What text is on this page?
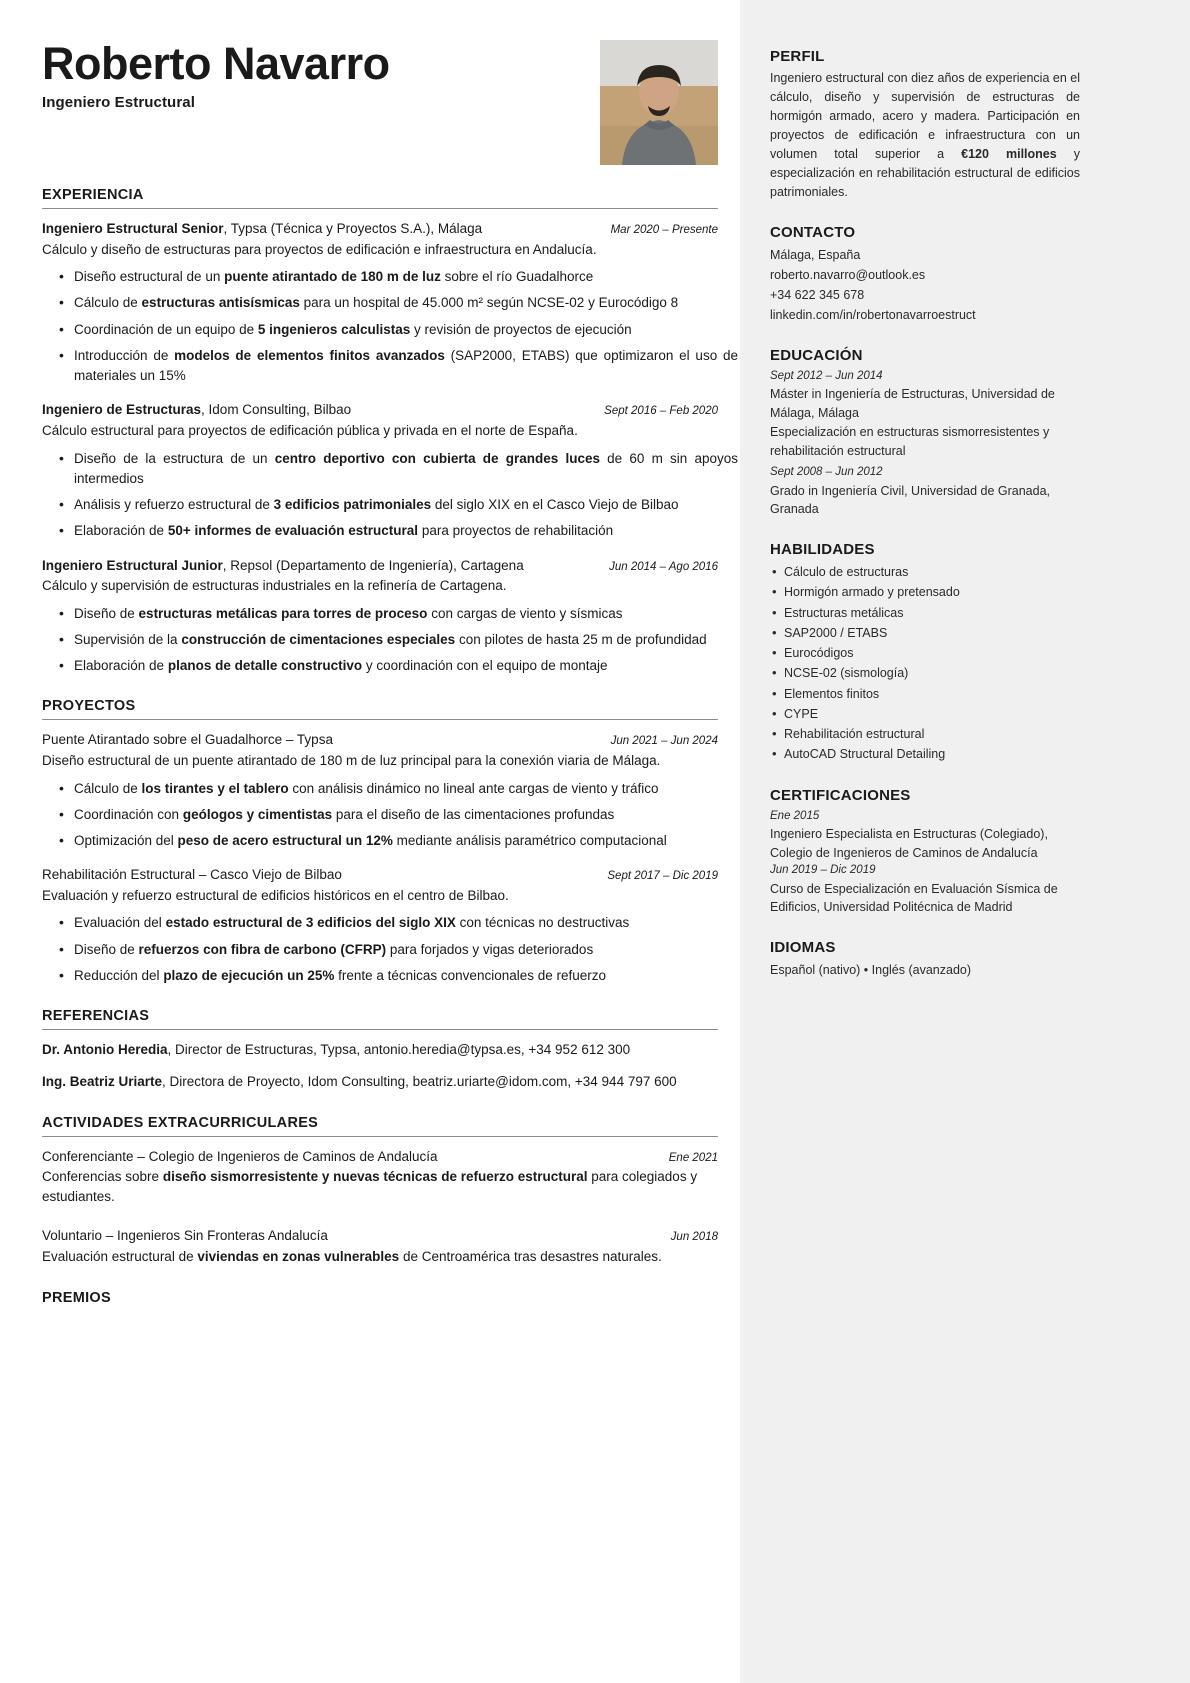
Roberto Navarro
Ingeniero Estructural
EXPERIENCIA
Ingeniero Estructural Senior, Typsa (Técnica y Proyectos S.A.), Málaga	Mar 2020 – Presente
Cálculo y diseño de estructuras para proyectos de edificación e infraestructura en Andalucía.
• Diseño estructural de un puente atirantado de 180 m de luz sobre el río Guadalhorce
• Cálculo de estructuras antisísmicas para un hospital de 45.000 m² según NCSE-02 y Eurocódigo 8
• Coordinación de un equipo de 5 ingenieros calculistas y revisión de proyectos de ejecución
• Introducción de modelos de elementos finitos avanzados (SAP2000, ETABS) que optimizaron el uso de materiales un 15%
Ingeniero de Estructuras, Idom Consulting, Bilbao	Sept 2016 – Feb 2020
Cálculo estructural para proyectos de edificación pública y privada en el norte de España.
• Diseño de la estructura de un centro deportivo con cubierta de grandes luces de 60 m sin apoyos intermedios
• Análisis y refuerzo estructural de 3 edificios patrimoniales del siglo XIX en el Casco Viejo de Bilbao
• Elaboración de 50+ informes de evaluación estructural para proyectos de rehabilitación
Ingeniero Estructural Junior, Repsol (Departamento de Ingeniería), Cartagena	Jun 2014 – Ago 2016
Cálculo y supervisión de estructuras industriales en la refinería de Cartagena.
• Diseño de estructuras metálicas para torres de proceso con cargas de viento y sísmicas
• Supervisión de la construcción de cimentaciones especiales con pilotes de hasta 25 m de profundidad
• Elaboración de planos de detalle constructivo y coordinación con el equipo de montaje
PROYECTOS
Puente Atirantado sobre el Guadalhorce – Typsa	Jun 2021 – Jun 2024
Diseño estructural de un puente atirantado de 180 m de luz principal para la conexión viaria de Málaga.
• Cálculo de los tirantes y el tablero con análisis dinámico no lineal ante cargas de viento y tráfico
• Coordinación con geólogos y cimentistas para el diseño de las cimentaciones profundas
• Optimización del peso de acero estructural un 12% mediante análisis paramétrico computacional
Rehabilitación Estructural – Casco Viejo de Bilbao	Sept 2017 – Dic 2019
Evaluación y refuerzo estructural de edificios históricos en el centro de Bilbao.
• Evaluación del estado estructural de 3 edificios del siglo XIX con técnicas no destructivas
• Diseño de refuerzos con fibra de carbono (CFRP) para forjados y vigas deteriorados
• Reducción del plazo de ejecución un 25% frente a técnicas convencionales de refuerzo
REFERENCIAS
Dr. Antonio Heredia, Director de Estructuras, Typsa, antonio.heredia@typsa.es, +34 952 612 300
Ing. Beatriz Uriarte, Directora de Proyecto, Idom Consulting, beatriz.uriarte@idom.com, +34 944 797 600
ACTIVIDADES EXTRACURRICULARES
Conferenciante – Colegio de Ingenieros de Caminos de Andalucía	Ene 2021
Conferencias sobre diseño sismorresistente y nuevas técnicas de refuerzo estructural para colegiados y estudiantes.
Voluntario – Ingenieros Sin Fronteras Andalucía	Jun 2018
Evaluación estructural de viviendas en zonas vulnerables de Centroamérica tras desastres naturales.
PREMIOS
PERFIL
Ingeniero estructural con diez años de experiencia en el cálculo, diseño y supervisión de estructuras de hormigón armado, acero y madera. Participación en proyectos de edificación e infraestructura con un volumen total superior a €120 millones y especialización en rehabilitación estructural de edificios patrimoniales.
CONTACTO
Málaga, España
roberto.navarro@outlook.es
+34 622 345 678
linkedin.com/in/robertonavarroestruct
EDUCACIÓN
Sept 2012 – Jun 2014
Máster in Ingeniería de Estructuras, Universidad de Málaga, Málaga
Especialización en estructuras sismorresistentes y rehabilitación estructural
Sept 2008 – Jun 2012
Grado in Ingeniería Civil, Universidad de Granada, Granada
HABILIDADES
• Cálculo de estructuras
• Hormigón armado y pretensado
• Estructuras metálicas
• SAP2000 / ETABS
• Eurocódigos
• NCSE-02 (sismología)
• Elementos finitos
• CYPE
• Rehabilitación estructural
• AutoCAD Structural Detailing
CERTIFICACIONES
Ene 2015
Ingeniero Especialista en Estructuras (Colegiado), Colegio de Ingenieros de Caminos de Andalucía
Jun 2019 – Dic 2019
Curso de Especialización en Evaluación Sísmica de Edificios, Universidad Politécnica de Madrid
IDIOMAS
Español (nativo) • Inglés (avanzado)
